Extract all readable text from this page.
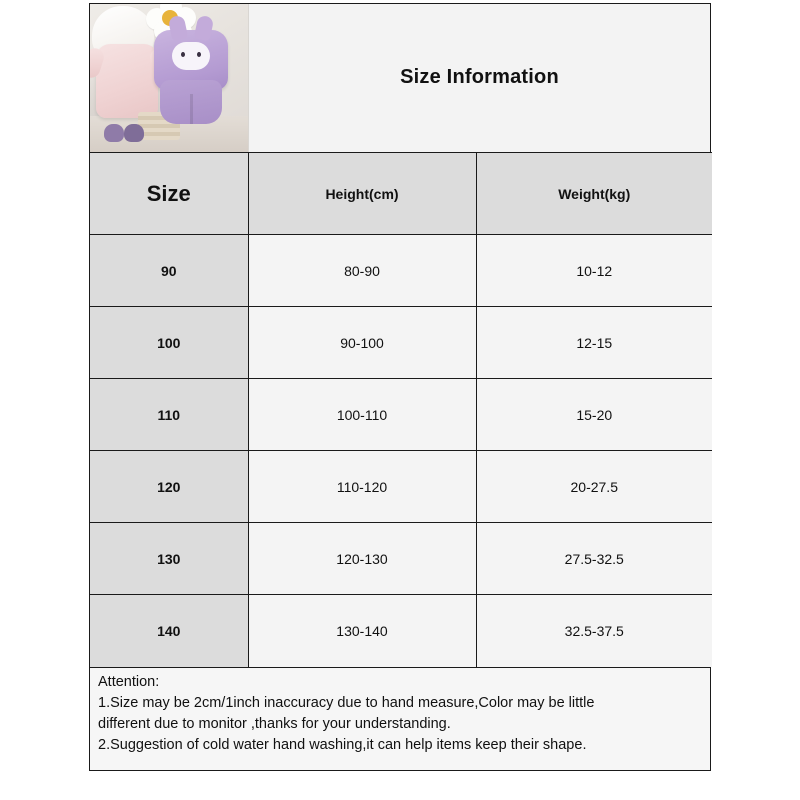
Size Information
Size	Height(cm)	Weight(kg)
90	80-90	10-12
100	90-100	12-15
110	100-110	15-20
120	110-120	20-27.5
130	120-130	27.5-32.5
140	130-140	32.5-37.5

Attention:

1.Size may be 2cm/1inch inaccuracy due to hand measure,Color may be little

different due to monitor ,thanks for your understanding.

2.Suggestion of cold water hand washing,it can help items keep their shape.
